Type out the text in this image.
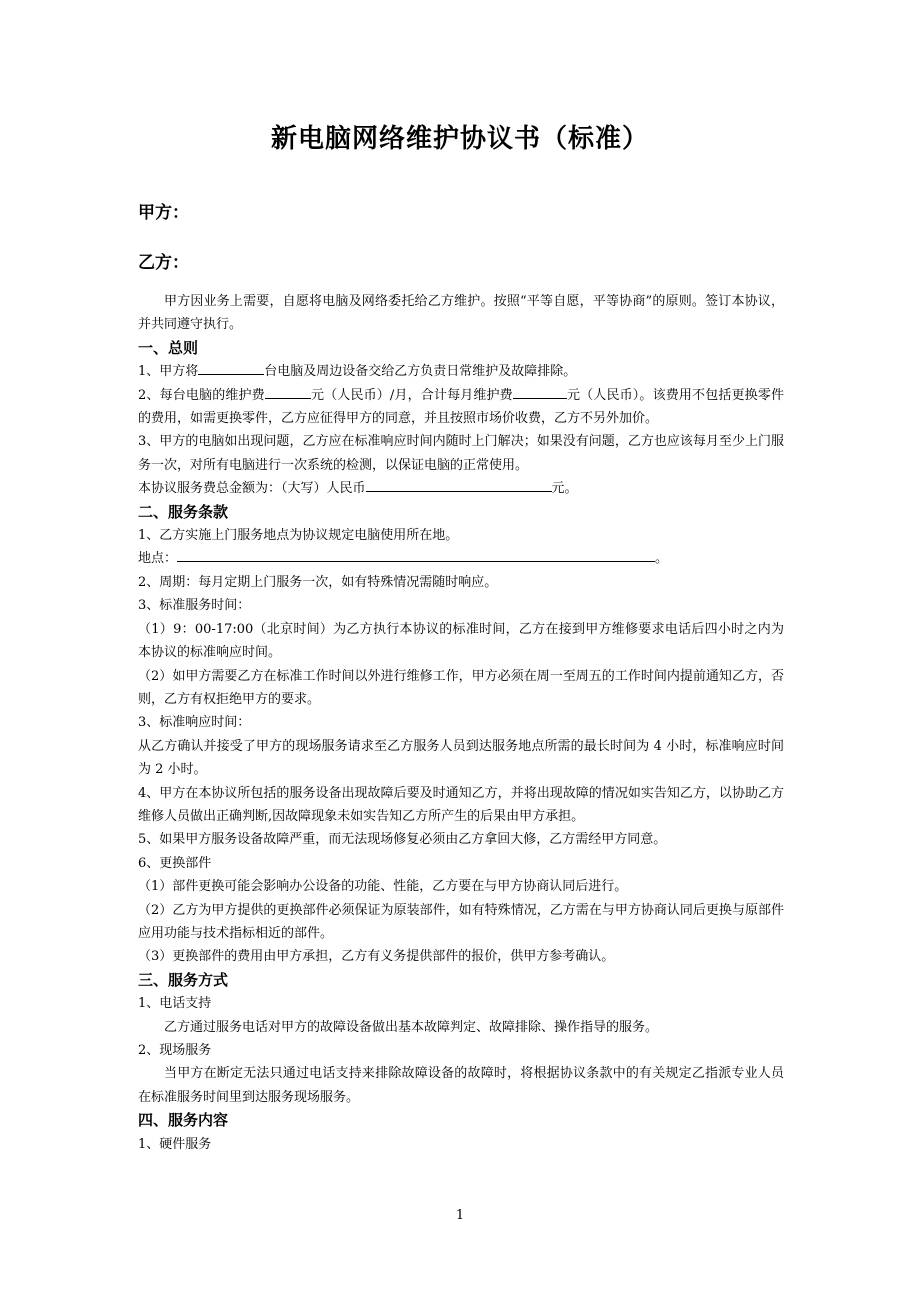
新电脑网络维护协议书（标准）
甲方：
乙方：

甲方因业务上需要，自愿将电脑及网络委托给乙方维护。按照“平等自愿，平等协商”的原则。签订本协议，并共同遵守执行。

一、总则

1、甲方将	台电脑及周边设备交给乙方负责日常维护及故障排除。

2、每台电脑的维护费	元（人民币）/月，合计每月维护费	元（人民币）。该费用不包括更换零件的费用，如需更换零件，乙方应征得甲方的同意，并且按照市场价收费，乙方不另外加价。

3、甲方的电脑如出现问题，乙方应在标准响应时间内随时上门解决；如果没有问题，乙方也应该每月至少上门服务一次，对所有电脑进行一次系统的检测，以保证电脑的正常使用。

本协议服务费总金额为：（大写）人民币	元。

二、服务条款

1、乙方实施上门服务地点为协议规定电脑使用所在地。

地点：	。

2、周期：每月定期上门服务一次，如有特殊情况需随时响应。

3、标准服务时间：

（1）9：00-17:00（北京时间）为乙方执行本协议的标准时间，乙方在接到甲方维修要求电话后四小时之内为本协议的标准响应时间。

（2）如甲方需要乙方在标准工作时间以外进行维修工作，甲方必须在周一至周五的工作时间内提前通知乙方，否则，乙方有权拒绝甲方的要求。

3、标准响应时间：

从乙方确认并接受了甲方的现场服务请求至乙方服务人员到达服务地点所需的最长时间为 4 小时，标准响应时间为 2 小时。

4、甲方在本协议所包括的服务设备出现故障后要及时通知乙方，并将出现故障的情况如实告知乙方，以协助乙方维修人员做出正确判断,因故障现象未如实告知乙方所产生的后果由甲方承担。

5、如果甲方服务设备故障严重，而无法现场修复必须由乙方拿回大修，乙方需经甲方同意。

6、更换部件

（1）部件更换可能会影响办公设备的功能、性能，乙方要在与甲方协商认同后进行。

（2）乙方为甲方提供的更换部件必须保证为原装部件，如有特殊情况，乙方需在与甲方协商认同后更换与原部件应用功能与技术指标相近的部件。

（3）更换部件的费用由甲方承担，乙方有义务提供部件的报价，供甲方参考确认。

三、服务方式

1、电话支持

乙方通过服务电话对甲方的故障设备做出基本故障判定、故障排除、操作指导的服务。

2、现场服务

当甲方在断定无法只通过电话支持来排除故障设备的故障时，将根据协议条款中的有关规定乙指派专业人员在标准服务时间里到达服务现场服务。

四、服务内容

1、硬件服务

1
